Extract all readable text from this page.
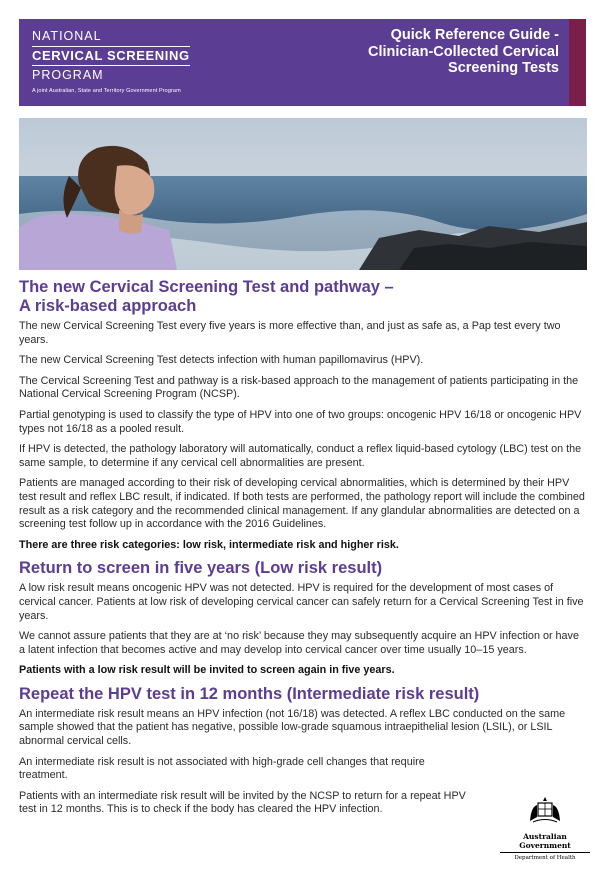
NATIONAL
CERVICAL SCREENING
PROGRAM
A joint Australian, State and Territory Government Program
Quick Reference Guide -
Clinician-Collected Cervical
Screening Tests
The new Cervical Screening Test and pathway –
A risk-based approach

The new Cervical Screening Test every five years is more effective than, and just as safe as, a Pap test every two years.

The new Cervical Screening Test detects infection with human papillomavirus (HPV).

The Cervical Screening Test and pathway is a risk-based approach to the management of patients participating in the National Cervical Screening Program (NCSP).

Partial genotyping is used to classify the type of HPV into one of two groups: oncogenic HPV 16/18 or oncogenic HPV types not 16/18 as a pooled result.

If HPV is detected, the pathology laboratory will automatically, conduct a reflex liquid-based cytology (LBC) test on the same sample, to determine if any cervical cell abnormalities are present.

Patients are managed according to their risk of developing cervical abnormalities, which is determined by their HPV test result and reflex LBC result, if indicated. If both tests are performed, the pathology report will include the combined result as a risk category and the recommended clinical management. If any glandular abnormalities are detected on a screening test follow up in accordance with the 2016 Guidelines.

There are three risk categories: low risk, intermediate risk and higher risk.

Return to screen in five years (Low risk result)

A low risk result means oncogenic HPV was not detected. HPV is required for the development of most cases of cervical cancer. Patients at low risk of developing cervical cancer can safely return for a Cervical Screening Test in five years.

We cannot assure patients that they are at ‘no risk’ because they may subsequently acquire an HPV infection or have a latent infection that becomes active and may develop into cervical cancer over time usually 10–15 years.

Patients with a low risk result will be invited to screen again in five years.

Repeat the HPV test in 12 months (Intermediate risk result)

An intermediate risk result means an HPV infection (not 16/18) was detected. A reflex LBC conducted on the same sample showed that the patient has negative, possible low-grade squamous intraepithelial lesion (LSIL), or LSIL abnormal cervical cells.

An intermediate risk result is not associated with high-grade cell changes that require treatment.

Patients with an intermediate risk result will be invited by the NCSP to return for a repeat HPV test in 12 months. This is to check if the body has cleared the HPV infection.

Australian Government
Department of Health
